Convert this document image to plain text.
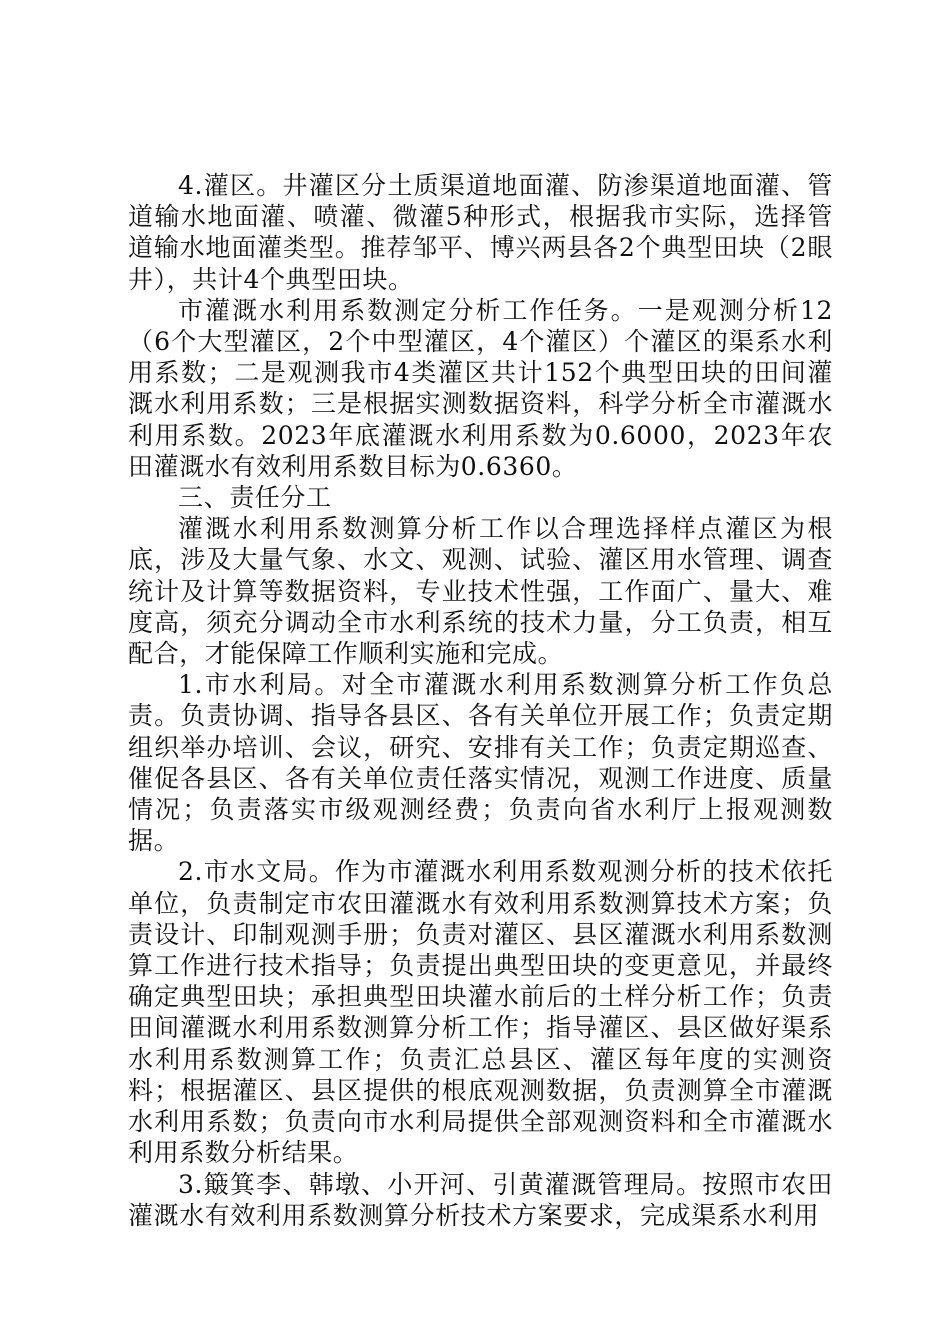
4.灌区。井灌区分土质渠道地面灌、防渗渠道地面灌、管道输水地面灌、喷灌、微灌5种形式，根据我市实际，选择管道输水地面灌类型。推荐邹平、博兴两县各2个典型田块（2眼井），共计4个典型田块。

市灌溉水利用系数测定分析工作任务。一是观测分析12（6个大型灌区，2个中型灌区，4个灌区）个灌区的渠系水利用系数；二是观测我市4类灌区共计152个典型田块的田间灌溉水利用系数；三是根据实测数据资料，科学分析全市灌溉水利用系数。2023年底灌溉水利用系数为0.6000，2023年农田灌溉水有效利用系数目标为0.6360。

三、责任分工

灌溉水利用系数测算分析工作以合理选择样点灌区为根底，涉及大量气象、水文、观测、试验、灌区用水管理、调查统计及计算等数据资料，专业技术性强，工作面广、量大、难度高，须充分调动全市水利系统的技术力量，分工负责，相互配合，才能保障工作顺利实施和完成。

1.市水利局。对全市灌溉水利用系数测算分析工作负总责。负责协调、指导各县区、各有关单位开展工作；负责定期组织举办培训、会议，研究、安排有关工作；负责定期巡查、催促各县区、各有关单位责任落实情况，观测工作进度、质量情况；负责落实市级观测经费；负责向省水利厅上报观测数据。

2.市水文局。作为市灌溉水利用系数观测分析的技术依托单位，负责制定市农田灌溉水有效利用系数测算技术方案；负责设计、印制观测手册；负责对灌区、县区灌溉水利用系数测算工作进行技术指导；负责提出典型田块的变更意见，并最终确定典型田块；承担典型田块灌水前后的土样分析工作；负责田间灌溉水利用系数测算分析工作；指导灌区、县区做好渠系水利用系数测算工作；负责汇总县区、灌区每年度的实测资料；根据灌区、县区提供的根底观测数据，负责测算全市灌溉水利用系数；负责向市水利局提供全部观测资料和全市灌溉水利用系数分析结果。

3.簸箕李、韩墩、小开河、引黄灌溉管理局。按照市农田灌溉水有效利用系数测算分析技术方案要求，完成渠系水利用
